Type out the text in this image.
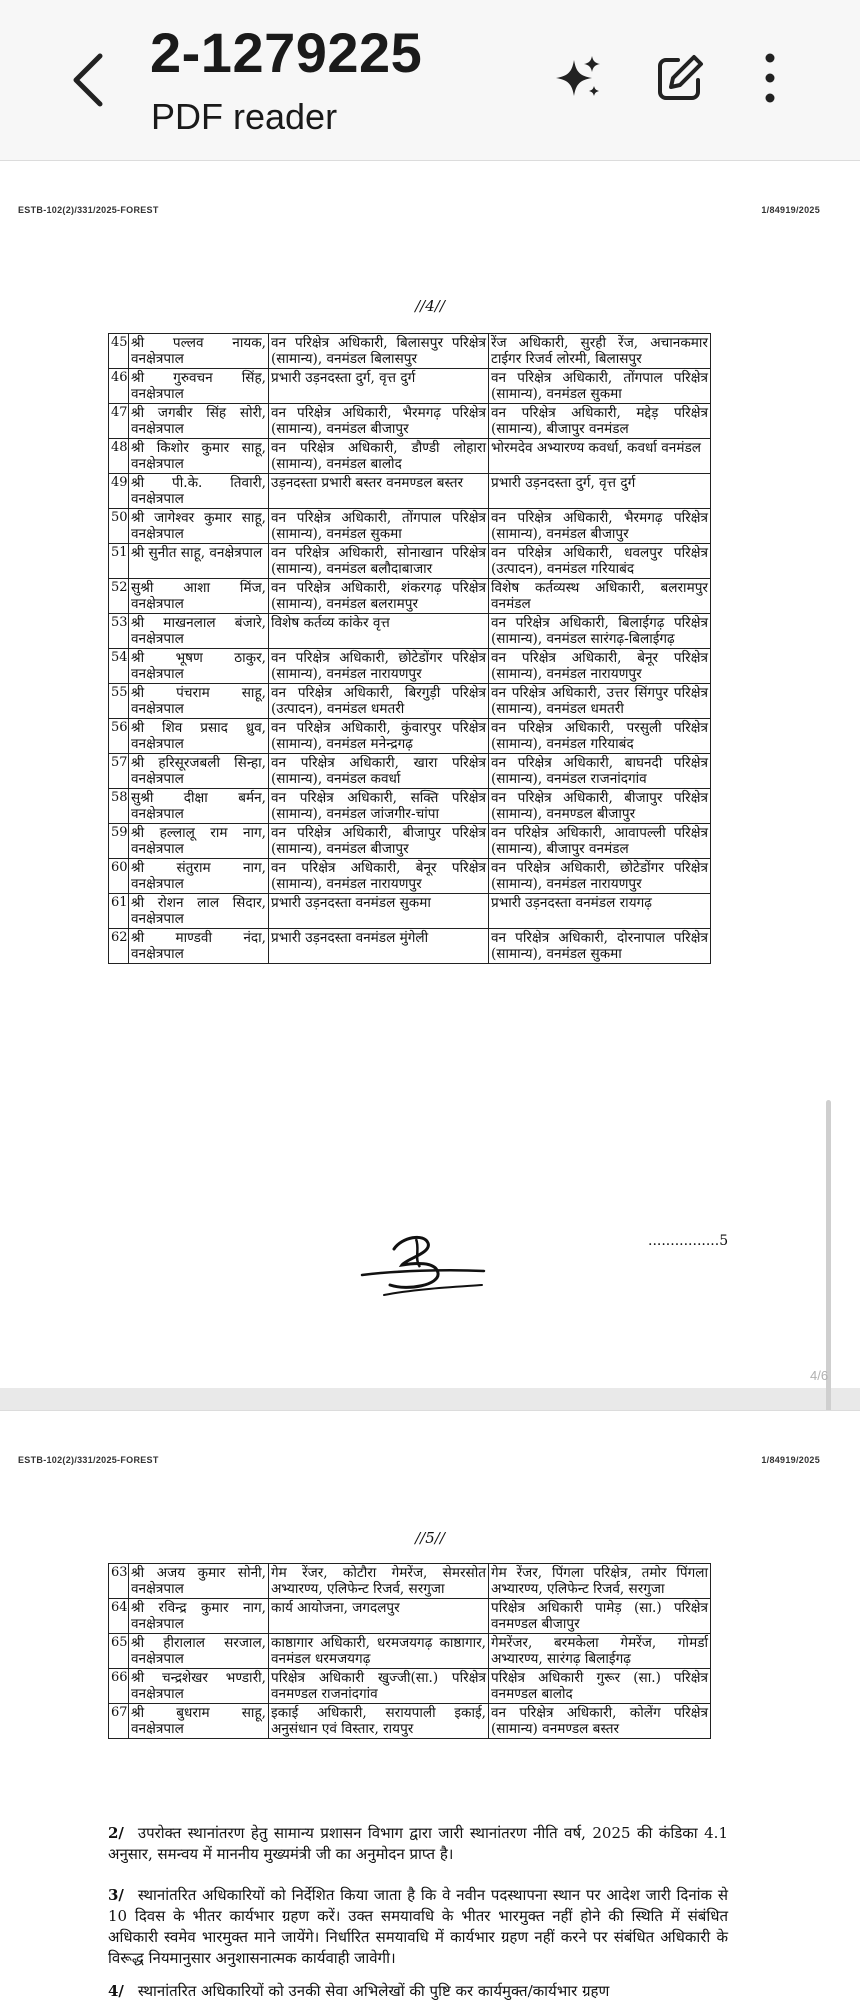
2-1279225
PDF reader
ESTB-102(2)/331/2025-FOREST	1/84919/2025
//4//
45	श्री पल्लव नायक, वनक्षेत्रपाल	वन परिक्षेत्र अधिकारी, बिलासपुर परिक्षेत्र (सामान्य), वनमंडल बिलासपुर	रेंज अधिकारी, सुरही रेंज, अचानकमार टाईगर रिजर्व लोरमी, बिलासपुर
46	श्री गुरुवचन सिंह, वनक्षेत्रपाल	प्रभारी उड़नदस्ता दुर्ग, वृत्त दुर्ग	वन परिक्षेत्र अधिकारी, तोंगपाल परिक्षेत्र (सामान्य), वनमंडल सुकमा
47	श्री जगबीर सिंह सोरी, वनक्षेत्रपाल	वन परिक्षेत्र अधिकारी, भैरमगढ़ परिक्षेत्र (सामान्य), वनमंडल बीजापुर	वन परिक्षेत्र अधिकारी, मद्देड़ परिक्षेत्र (सामान्य), बीजापुर वनमंडल
48	श्री किशोर कुमार साहू, वनक्षेत्रपाल	वन परिक्षेत्र अधिकारी, डौण्डी लोहारा (सामान्य), वनमंडल बालोद	भोरमदेव अभ्यारण्य कवर्धा, कवर्धा वनमंडल
49	श्री पी.के. तिवारी, वनक्षेत्रपाल	उड़नदस्ता प्रभारी बस्तर वनमण्डल बस्तर	प्रभारी उड़नदस्ता दुर्ग, वृत्त दुर्ग
50	श्री जागेश्वर कुमार साहू, वनक्षेत्रपाल	वन परिक्षेत्र अधिकारी, तोंगपाल परिक्षेत्र (सामान्य), वनमंडल सुकमा	वन परिक्षेत्र अधिकारी, भैरमगढ़ परिक्षेत्र (सामान्य), वनमंडल बीजापुर
51	श्री सुनीत साहू, वनक्षेत्रपाल	वन परिक्षेत्र अधिकारी, सोनाखान परिक्षेत्र (सामान्य), वनमंडल बलौदाबाजार	वन परिक्षेत्र अधिकारी, धवलपुर परिक्षेत्र (उत्पादन), वनमंडल गरियाबंद
52	सुश्री आशा मिंज, वनक्षेत्रपाल	वन परिक्षेत्र अधिकारी, शंकरगढ़ परिक्षेत्र (सामान्य), वनमंडल बलरामपुर	विशेष कर्तव्यस्थ अधिकारी, बलरामपुर वनमंडल
53	श्री माखनलाल बंजारे, वनक्षेत्रपाल	विशेष कर्तव्य कांकेर वृत्त	वन परिक्षेत्र अधिकारी, बिलाईगढ़ परिक्षेत्र (सामान्य), वनमंडल सारंगढ़-बिलाईगढ़
54	श्री भूषण ठाकुर, वनक्षेत्रपाल	वन परिक्षेत्र अधिकारी, छोटेडोंगर परिक्षेत्र (सामान्य), वनमंडल नारायणपुर	वन परिक्षेत्र अधिकारी, बेनूर परिक्षेत्र (सामान्य), वनमंडल नारायणपुर
55	श्री पंचराम साहू, वनक्षेत्रपाल	वन परिक्षेत्र अधिकारी, बिरगुड़ी परिक्षेत्र (उत्पादन), वनमंडल धमतरी	वन परिक्षेत्र अधिकारी, उत्तर सिंगपुर परिक्षेत्र (सामान्य), वनमंडल धमतरी
56	श्री शिव प्रसाद ध्रुव, वनक्षेत्रपाल	वन परिक्षेत्र अधिकारी, कुंवारपुर परिक्षेत्र (सामान्य), वनमंडल मनेन्द्रगढ़	वन परिक्षेत्र अधिकारी, परसुली परिक्षेत्र (सामान्य), वनमंडल गरियाबंद
57	श्री हरिसूरजबली सिन्हा, वनक्षेत्रपाल	वन परिक्षेत्र अधिकारी, खारा परिक्षेत्र (सामान्य), वनमंडल कवर्धा	वन परिक्षेत्र अधिकारी, बाघनदी परिक्षेत्र (सामान्य), वनमंडल राजनांदगांव
58	सुश्री दीक्षा बर्मन, वनक्षेत्रपाल	वन परिक्षेत्र अधिकारी, सक्ति परिक्षेत्र (सामान्य), वनमंडल जांजगीर-चांपा	वन परिक्षेत्र अधिकारी, बीजापुर परिक्षेत्र (सामान्य), वनमण्डल बीजापुर
59	श्री हल्लालू राम नाग, वनक्षेत्रपाल	वन परिक्षेत्र अधिकारी, बीजापुर परिक्षेत्र (सामान्य), वनमंडल बीजापुर	वन परिक्षेत्र अधिकारी, आवापल्ली परिक्षेत्र (सामान्य), बीजापुर वनमंडल
60	श्री संतुराम नाग, वनक्षेत्रपाल	वन परिक्षेत्र अधिकारी, बेनूर परिक्षेत्र (सामान्य), वनमंडल नारायणपुर	वन परिक्षेत्र अधिकारी, छोटेडोंगर परिक्षेत्र (सामान्य), वनमंडल नारायणपुर
61	श्री रोशन लाल सिदार, वनक्षेत्रपाल	प्रभारी उड़नदस्ता वनमंडल सुकमा	प्रभारी उड़नदस्ता वनमंडल रायगढ़
62	श्री माण्डवी नंदा, वनक्षेत्रपाल	प्रभारी उड़नदस्ता वनमंडल मुंगेली	वन परिक्षेत्र अधिकारी, दोरनापाल परिक्षेत्र (सामान्य), वनमंडल सुकमा
................5
4/6
ESTB-102(2)/331/2025-FOREST	1/84919/2025
//5//
63	श्री अजय कुमार सोनी, वनक्षेत्रपाल	गेम रेंजर, कोटौरा गेमरेंज, सेमरसोत अभ्यारण्य, एलिफेन्ट रिजर्व, सरगुजा	गेम रेंजर, पिंगला परिक्षेत्र, तमोर पिंगला अभ्यारण्य, एलिफेन्ट रिजर्व, सरगुजा
64	श्री रविन्द्र कुमार नाग, वनक्षेत्रपाल	कार्य आयोजना, जगदलपुर	परिक्षेत्र अधिकारी पामेड़ (सा.) परिक्षेत्र वनमण्डल बीजापुर
65	श्री हीरालाल सरजाल, वनक्षेत्रपाल	काष्ठागार अधिकारी, धरमजयगढ़ काष्ठागार, वनमंडल धरमजयगढ़	गेमरेंजर, बरमकेला गेमरेंज, गोमर्डा अभ्यारण्य, सारंगढ़ बिलाईगढ़
66	श्री चन्द्रशेखर भण्डारी, वनक्षेत्रपाल	परिक्षेत्र अधिकारी खुज्जी(सा.) परिक्षेत्र वनमण्डल राजनांदगांव	परिक्षेत्र अधिकारी गुरूर (सा.) परिक्षेत्र वनमण्डल बालोद
67	श्री बुधराम साहू, वनक्षेत्रपाल	इकाई अधिकारी, सरायपाली इकाई, अनुसंधान एवं विस्तार, रायपुर	वन परिक्षेत्र अधिकारी, कोलेंग परिक्षेत्र (सामान्य) वनमण्डल बस्तर
2/ उपरोक्त स्थानांतरण हेतु सामान्य प्रशासन विभाग द्वारा जारी स्थानांतरण नीति वर्ष, 2025 की कंडिका 4.1 अनुसार, समन्वय में माननीय मुख्यमंत्री जी का अनुमोदन प्राप्त है।
3/ स्थानांतरित अधिकारियों को निर्देशित किया जाता है कि वे नवीन पदस्थापना स्थान पर आदेश जारी दिनांक से 10 दिवस के भीतर कार्यभार ग्रहण करें। उक्त समयावधि के भीतर भारमुक्त नहीं होने की स्थिति में संबंधित अधिकारी स्वमेव भारमुक्त माने जायेंगे। निर्धारित समयावधि में कार्यभार ग्रहण नहीं करने पर संबंधित अधिकारी के विरूद्ध नियमानुसार अनुशासनात्मक कार्यवाही जावेगी।
4/ स्थानांतरित अधिकारियों को उनकी सेवा अभिलेखों की पुष्टि कर कार्यमुक्त/कार्यभार ग्रहण
